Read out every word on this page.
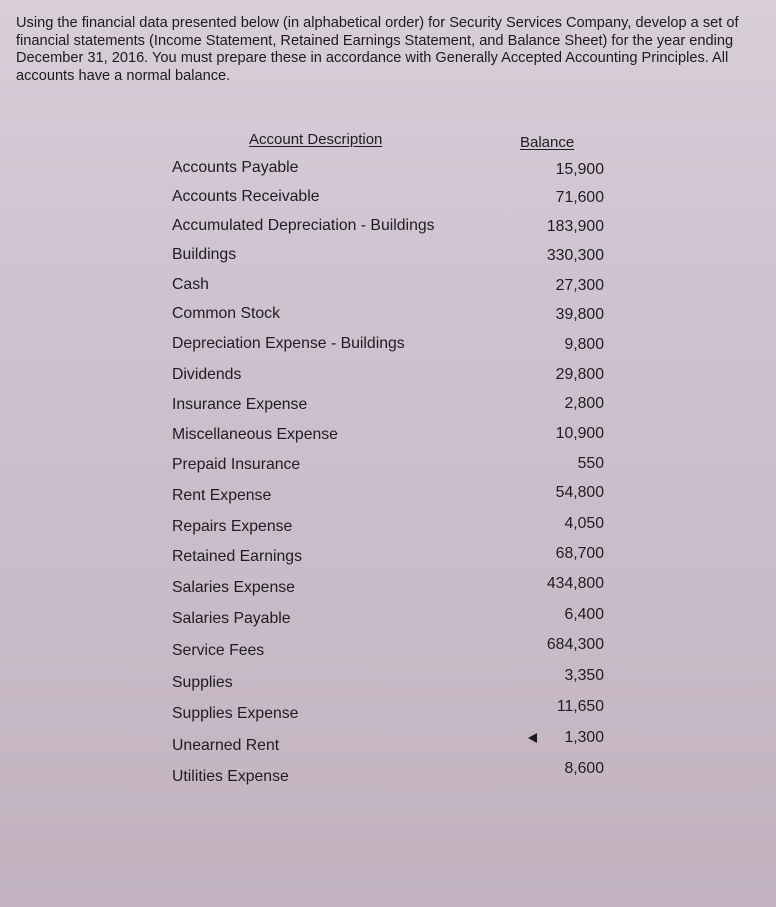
Using the financial data presented below (in alphabetical order) for Security Services Company, develop a set of financial statements (Income Statement, Retained Earnings Statement, and Balance Sheet) for the year ending December 31, 2016. You must prepare these in accordance with Generally Accepted Accounting Principles. All accounts have a normal balance.

Account Description	Balance
Accounts Payable	15,900
Accounts Receivable	71,600
Accumulated Depreciation - Buildings	183,900
Buildings	330,300
Cash	27,300
Common Stock	39,800
Depreciation Expense - Buildings	9,800
Dividends	29,800
Insurance Expense	2,800
Miscellaneous Expense	10,900
Prepaid Insurance	550
Rent Expense	54,800
Repairs Expense	4,050
Retained Earnings	68,700
Salaries Expense	434,800
Salaries Payable	6,400
Service Fees	684,300
Supplies	3,350
Supplies Expense	11,650
Unearned Rent	1,300
Utilities Expense	8,600
